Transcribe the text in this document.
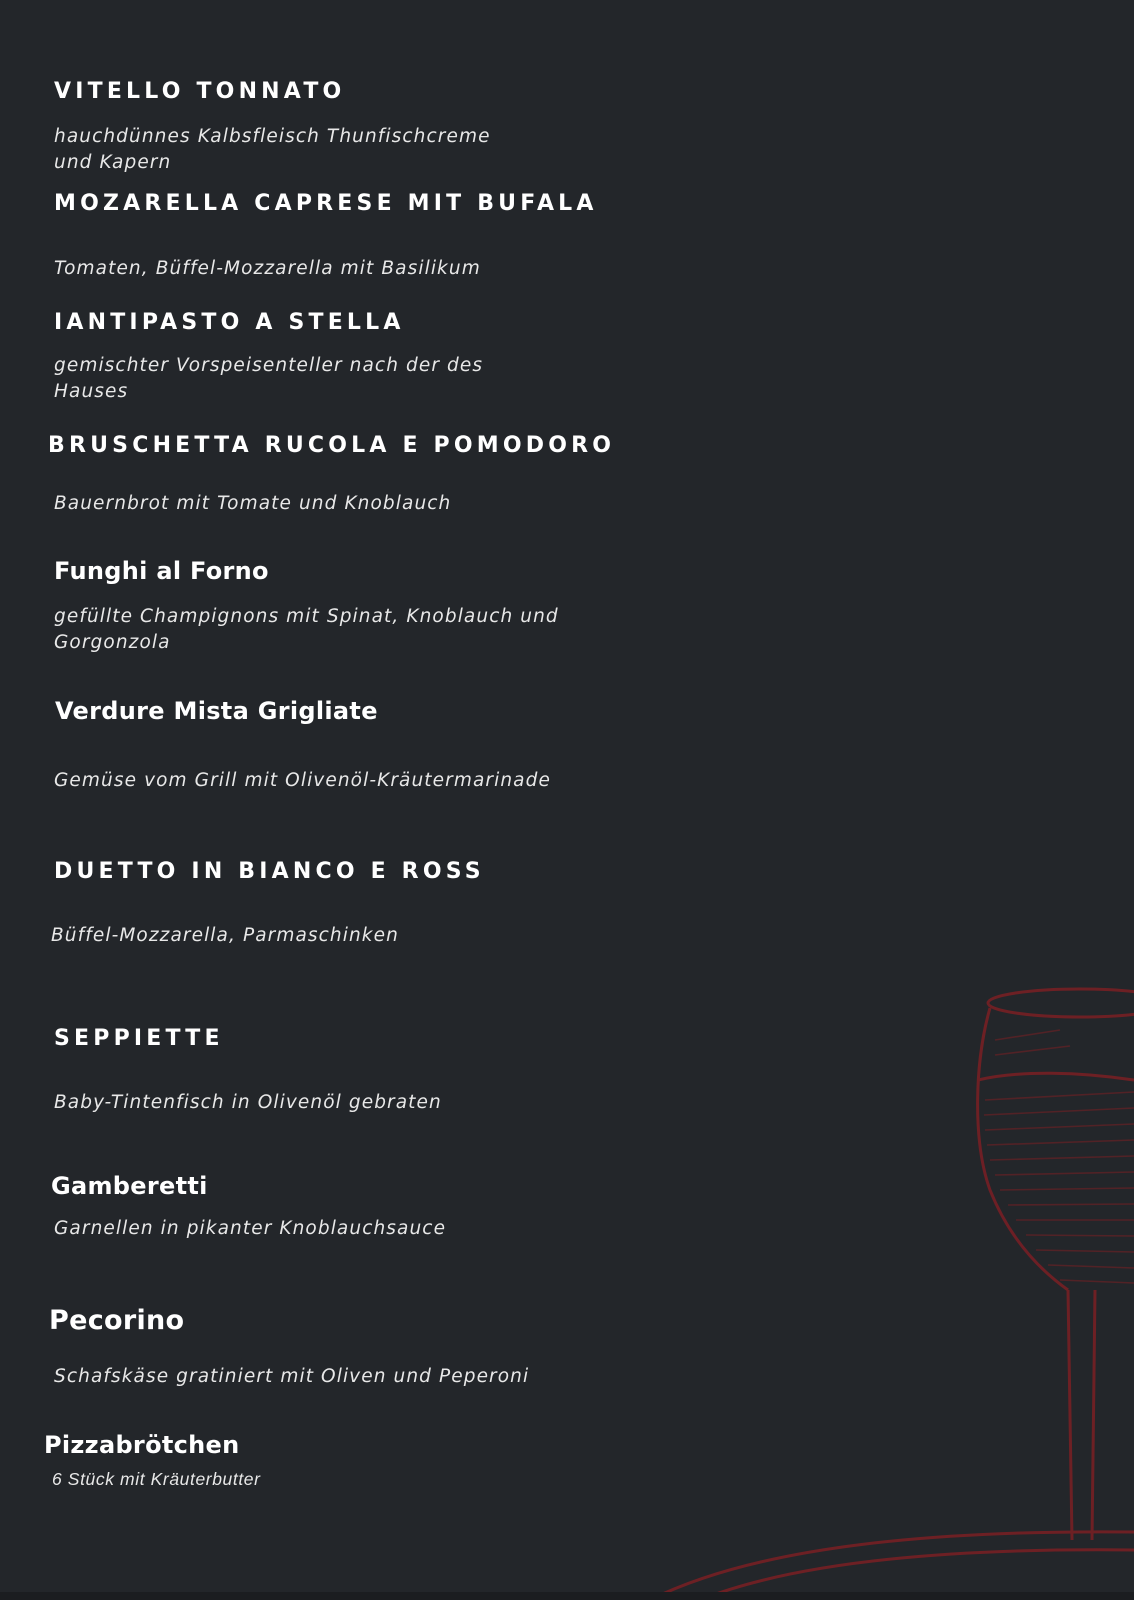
VITELLO TONNATO
hauchdünnes Kalbsfleisch Thunfischcreme
und Kapern
MOZARELLA CAPRESE MIT BUFALA
Tomaten, Büffel-Mozzarella mit Basilikum
IANTIPASTO A STELLA
gemischter Vorspeisenteller nach der des
Hauses
BRUSCHETTA RUCOLA E POMODORO
Bauernbrot mit Tomate und Knoblauch
Funghi al Forno
gefüllte Champignons mit Spinat, Knoblauch und
Gorgonzola
Verdure Mista Grigliate
Gemüse vom Grill mit Olivenöl-Kräutermarinade
DUETTO IN BIANCO E ROSS
Büffel-Mozzarella, Parmaschinken
SEPPIETTE
Baby-Tintenfisch in Olivenöl gebraten
Gamberetti
Garnellen in pikanter Knoblauchsauce
Pecorino
Schafskäse gratiniert mit Oliven und Peperoni
Pizzabrötchen
6 Stück mit Kräuterbutter
